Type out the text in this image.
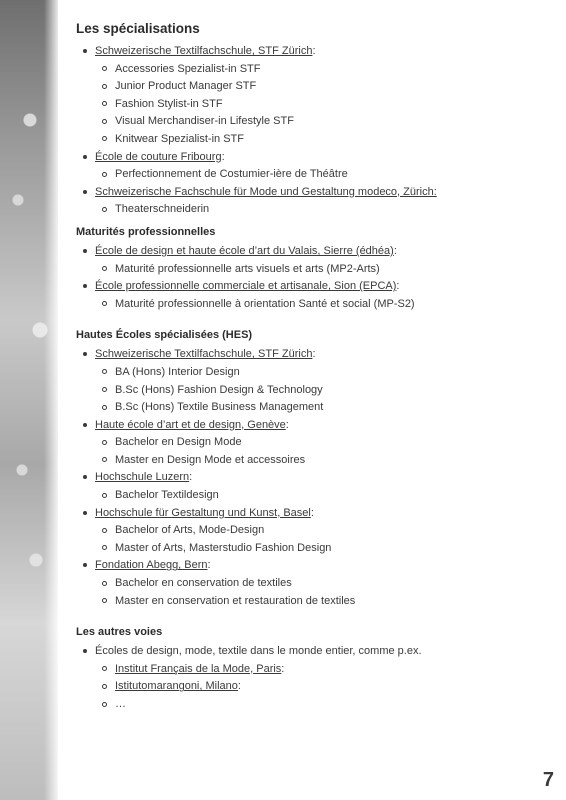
Les spécialisations
Schweizerische Textilfachschule, STF Zürich:
Accessories Spezialist-in STF
Junior Product Manager STF
Fashion Stylist-in STF
Visual Merchandiser-in Lifestyle STF
Knitwear Spezialist-in STF
École de couture Fribourg:
Perfectionnement de Costumier-ière de Théâtre
Schweizerische Fachschule für Mode und Gestaltung modeco, Zürich:
Theaterschneiderin
Maturités professionnelles
École de design et haute école d’art du Valais, Sierre (édhéa):
Maturité professionnelle arts visuels et arts (MP2-Arts)
École professionnelle commerciale et artisanale, Sion (EPCA):
Maturité professionnelle à orientation Santé et social (MP-S2)
Hautes Écoles spécialisées (HES)
Schweizerische Textilfachschule, STF Zürich:
BA (Hons) Interior Design
B.Sc (Hons) Fashion Design & Technology
B.Sc (Hons) Textile Business Management
Haute école d’art et de design, Genève:
Bachelor en Design Mode
Master en Design Mode et accessoires
Hochschule Luzern:
Bachelor Textildesign
Hochschule für Gestaltung und Kunst, Basel:
Bachelor of Arts, Mode-Design
Master of Arts, Masterstudio Fashion Design
Fondation Abegg, Bern:
Bachelor en conservation de textiles
Master en conservation et restauration de textiles
Les autres voies
Écoles de design, mode, textile dans le monde entier, comme p.ex.
Institut Français de la Mode, Paris:
Istitutomarangoni, Milano:
…
7
